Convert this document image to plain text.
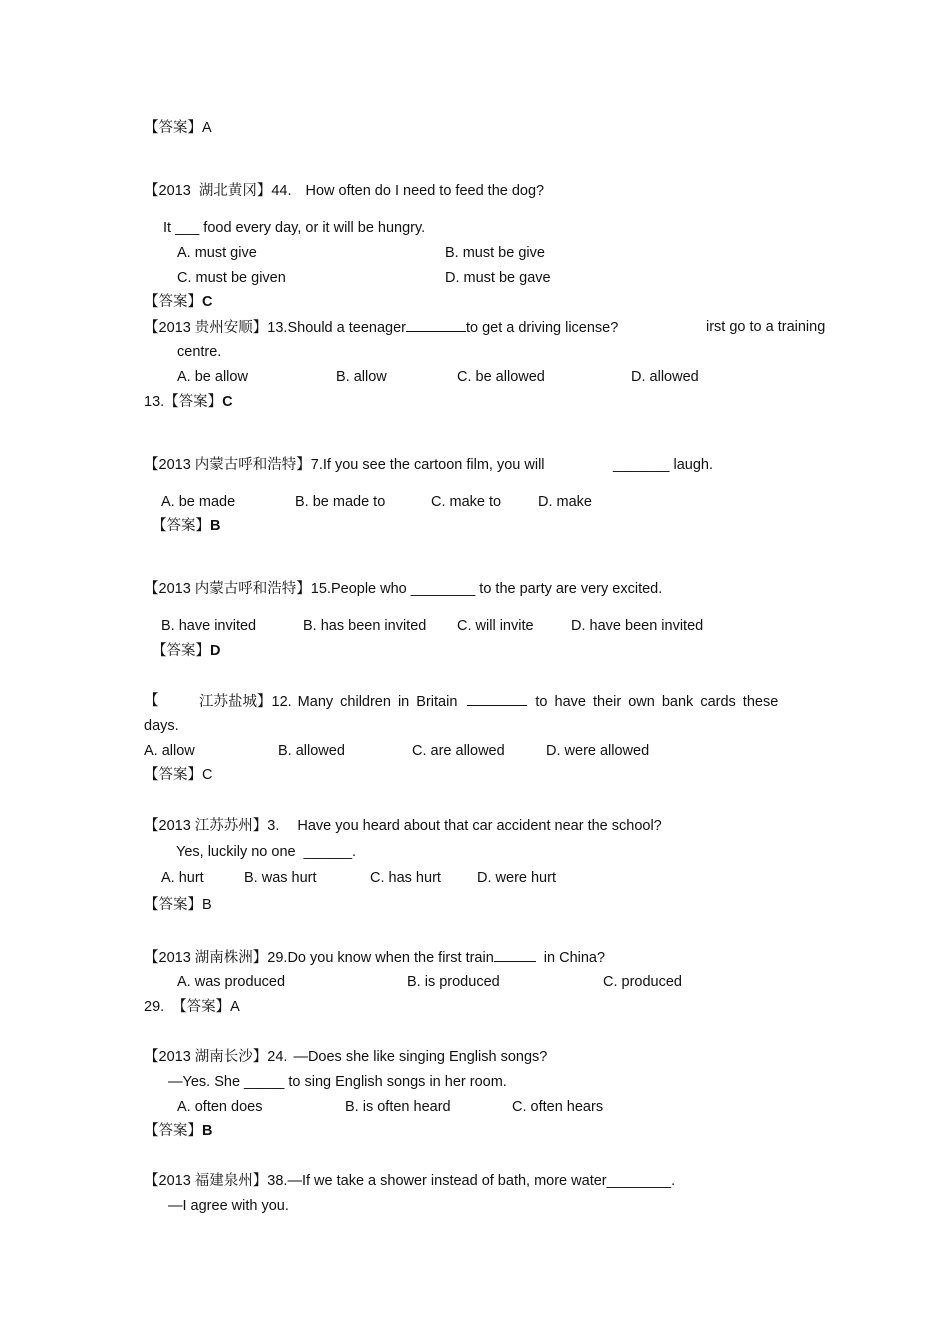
【答案】A
【2013  湖北黄冈】44. How often do I need to feed the dog?
It ___ food every day, or it will be hungry.
A. must give	B. must be give
C. must be given	D. must be gave
【答案】C
【2013 贵州安顺】13.Should a teenager	to get a driving license?	irst go to a training
centre.
A. be allow	B. allow	C. be allowed	D. allowed
13.【答案】C
【2013 内蒙古呼和浩特】7.If you see the cartoon film, you will	_______ laugh.
A. be made	B. be made to	C. make to	D. make
【答案】B
【2013 内蒙古呼和浩特】15.People who ________ to the party are very excited.
B. have invited	B. has been invited C. will invite	D. have been invited
【答案】D
【	江苏盐城】12. Many children in Britain	to have their own bank cards these
days.
A. allow	B. allowed	C. are allowed	D. were allowed
【答案】C
【2013 江苏苏州】3. Have you heard about that car accident near the school?
Yes, luckily no one  ______.
A. hurt	B. was hurt	C. has hurt D. were hurt
【答案】B
【2013 湖南株洲】29.Do you know when the first train	in China?
A. was produced	B. is produced	C. produced
29. 【答案】A
【2013 湖南长沙】24. —Does she like singing English songs?
—Yes. She _____ to sing English songs in her room.
A. often does	B. is often heard	C. often hears
【答案】B
【2013 福建泉州】38.—If we take a shower instead of bath, more water________.
—I agree with you.
